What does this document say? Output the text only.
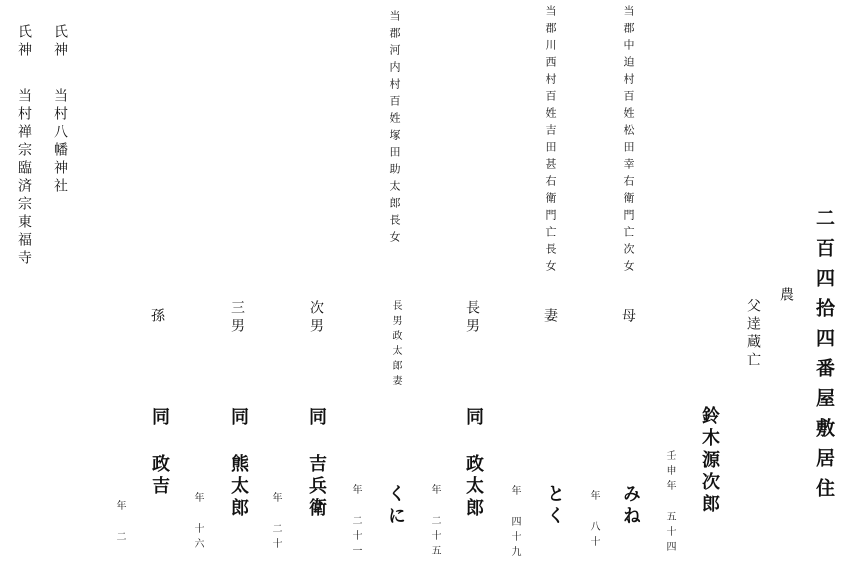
二百四拾四番屋敷居住
農
父逹蔵亡
壬申年 五十四 鈴木源次郎
当郡中迫村百姓松田幸右衛門亡次女
母
みね
年 八十
当郡川西村百姓吉田甚右衛門亡長女
妻
とく
年 四十九
長男
同 政太郎
年 二十五
当郡河内村百姓塚田助太郎長女
長男政太郎妻
くに
年 二十一
次男
同 吉兵衛
年 二十
三男
同 熊太郎
年 十六
孫
同 政吉
年 二
氏神
当村八幡神社
氏神
当村禅宗臨済宗東福寺
